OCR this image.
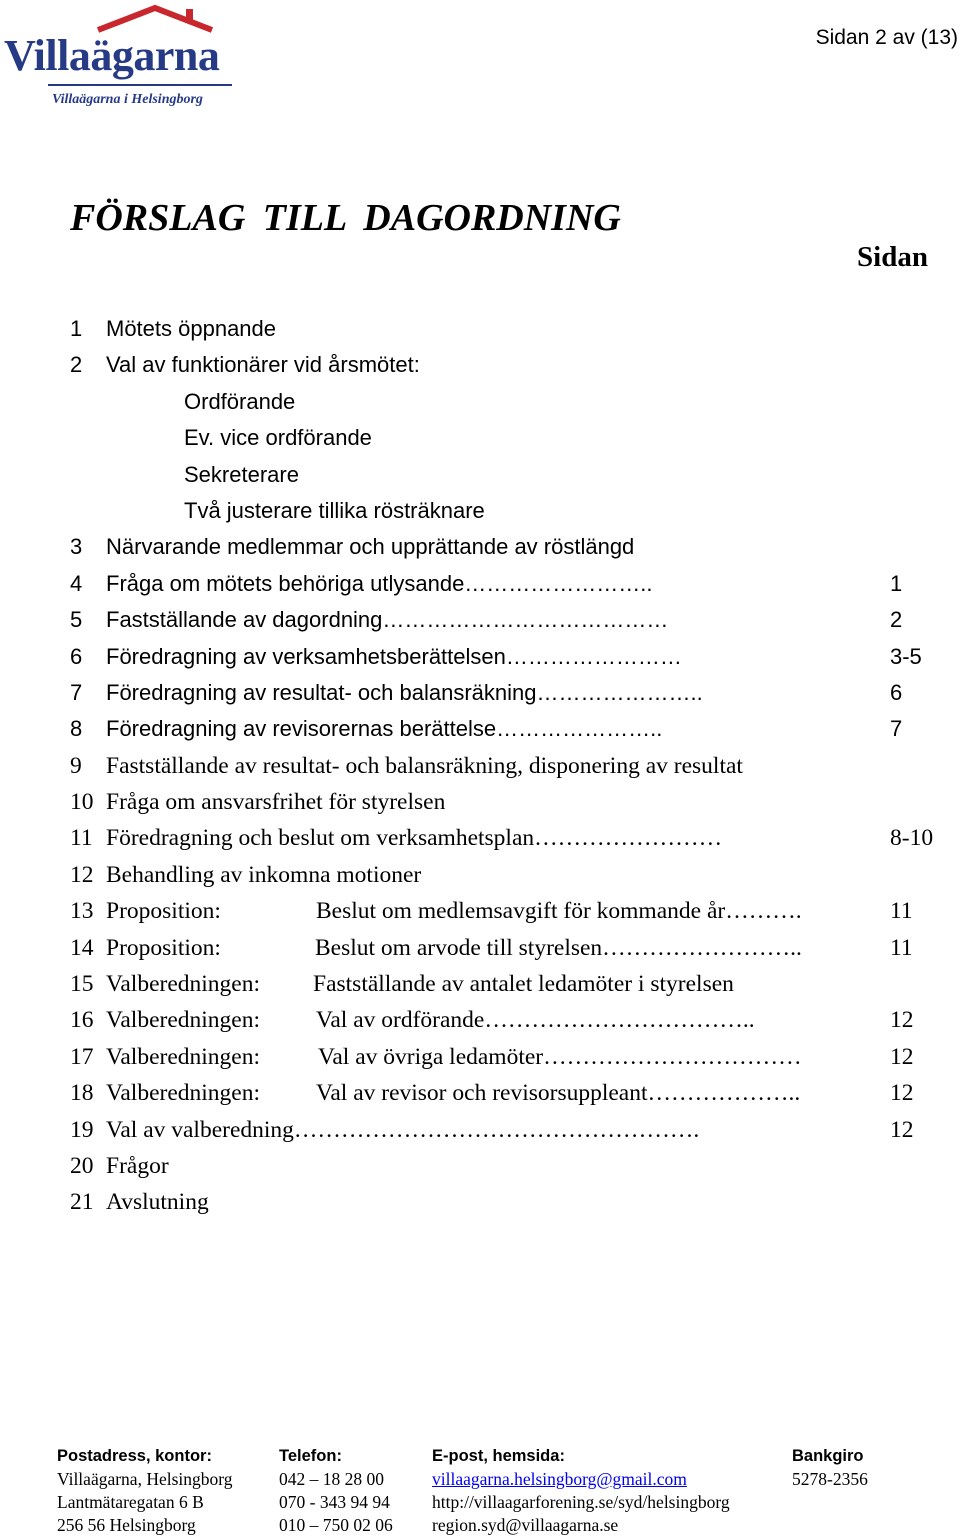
Villaägarna
Villaägarna i Helsingborg
Sidan 2 av (13)
FÖRSLAG TILL DAGORDNING
Sidan
1 Mötets öppnande
2 Val av funktionärer vid årsmötet:
Ordförande
Ev. vice ordförande
Sekreterare
Två justerare tillika rösträknare
3 Närvarande medlemmar och upprättande av röstlängd
4 Fråga om mötets behöriga utlysande……………………..	1
5 Fastställande av dagordning…………………………………	2
6 Föredragning av verksamhetsberättelsen……………………	3-5
7 Föredragning av resultat- och balansräkning…………………..	6
8 Föredragning av revisorernas berättelse…………………..	7
9 Fastställande av resultat- och balansräkning, disponering av resultat
10 Fråga om ansvarsfrihet för styrelsen
11 Föredragning och beslut om verksamhetsplan……………………	8-10
12 Behandling av inkomna motioner
13 Proposition:	Beslut om medlemsavgift för kommande år……….	11
14 Proposition:	Beslut om arvode till styrelsen……………………..	11
15 Valberedningen: Fastställande av antalet ledamöter i styrelsen
16 Valberedningen: Val av ordförande……………………………..	12
17 Valberedningen: Val av övriga ledamöter……………………………	12
18 Valberedningen: Val av revisor och revisorsuppleant………………..	12
19 Val av valberedning…………………………………………….	12
20 Frågor
21 Avslutning
Postadress, kontor:
Villaägarna, Helsingborg
Lantmätaregatan 6 B
256 56 Helsingborg
Telefon:
042 – 18 28 00
070 - 343 94 94
010 – 750 02 06
E-post, hemsida:
villaagarna.helsingborg@gmail.com
http://villaagarforening.se/syd/helsingborg
region.syd@villaagarna.se
Bankgiro
5278-2356
